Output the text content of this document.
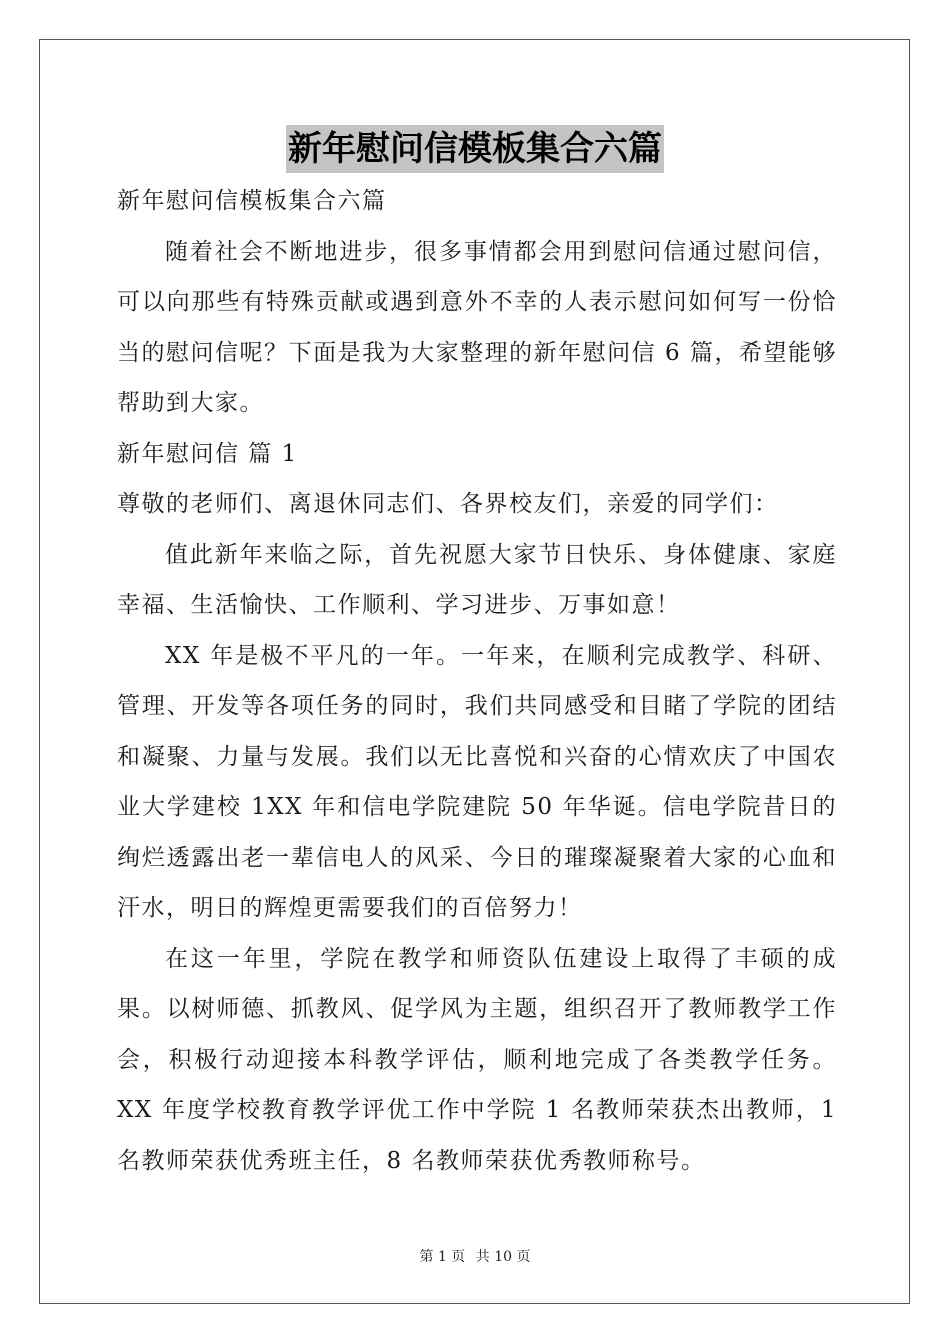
新年慰问信模板集合六篇

新年慰问信模板集合六篇

随着社会不断地进步，很多事情都会用到慰问信通过慰问信，可以向那些有特殊贡献或遇到意外不幸的人表示慰问如何写一份恰当的慰问信呢？下面是我为大家整理的新年慰问信 6 篇，希望能够帮助到大家。

新年慰问信 篇 1

尊敬的老师们、离退休同志们、各界校友们，亲爱的同学们：

值此新年来临之际，首先祝愿大家节日快乐、身体健康、家庭幸福、生活愉快、工作顺利、学习进步、万事如意！

XX 年是极不平凡的一年。一年来，在顺利完成教学、科研、管理、开发等各项任务的同时，我们共同感受和目睹了学院的团结和凝聚、力量与发展。我们以无比喜悦和兴奋的心情欢庆了中国农业大学建校 1XX 年和信电学院建院 50 年华诞。信电学院昔日的绚烂透露出老一辈信电人的风采、今日的璀璨凝聚着大家的心血和汗水，明日的辉煌更需要我们的百倍努力！

在这一年里，学院在教学和师资队伍建设上取得了丰硕的成果。以树师德、抓教风、促学风为主题，组织召开了教师教学工作会，积极行动迎接本科教学评估，顺利地完成了各类教学任务。XX 年度学校教育教学评优工作中学院 1 名教师荣获杰出教师，1 名教师荣获优秀班主任，8 名教师荣获优秀教师称号。

第 1 页 共 10 页
